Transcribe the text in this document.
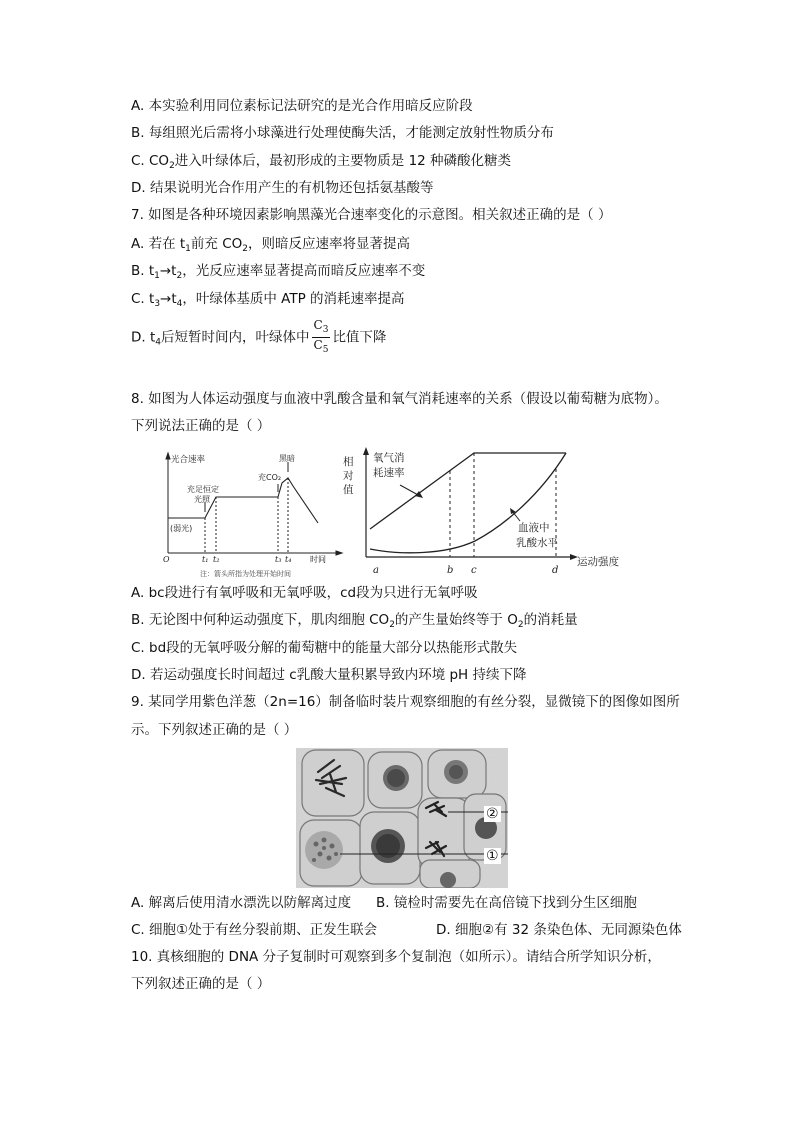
A. 本实验利用同位素标记法研究的是光合作用暗反应阶段
B. 每组照光后需将小球藻进行处理使酶失活，才能测定放射性物质分布
C. $CO_2$进入叶绿体后，最初形成的主要物质是 12 种磷酸化糖类
D. 结果说明光合作用产生的有机物还包括氨基酸等
7. 如图是各种环境因素影响黑藻光合速率变化的示意图。相关叙述正确的是（ ）
A. 若在 $t_1$前充 $CO_2$，则暗反应速率将显著提高
B. $t_1\to t_2$，光反应速率显著提高而暗反应速率不变
C. $t_3\to t_4$，叶绿体基质中 ATP 的消耗速率提高
D. $t_4$后短暂时间内，叶绿体中 $\frac{C_3}{C_5}$ 比值下降
8. 如图为人体运动强度与血液中乳酸含量和氧气消耗速率的关系（假设以葡萄糖为底物）。
下列说法正确的是（ ）
光合速率
(弱光)
充足恒定
光照
充CO₂
黑暗
O	t₁ t₂	t₃ t₄ 时间
注：箭头所指为处理开始时间
相
对
值
氧气消
耗速率
血液中
乳酸水平
运动强度
a	b c	d
A. bc段进行有氧呼吸和无氧呼吸，cd段为只进行无氧呼吸
B. 无论图中何种运动强度下，肌肉细胞 $CO_2$的产生量始终等于 $O_2$的消耗量
C. bd段的无氧呼吸分解的葡萄糖中的能量大部分以热能形式散失
D. 若运动强度长时间超过 c乳酸大量积累导致内环境 pH 持续下降
9. 某同学用紫色洋葱（2n=16）制备临时装片观察细胞的有丝分裂，显微镜下的图像如图所
示。下列叙述正确的是（ ）
②
①
A. 解离后使用清水漂洗以防解离过度 B. 镜检时需要先在高倍镜下找到分生区细胞
C. 细胞①处于有丝分裂前期、正发生联会	D. 细胞②有 32 条染色体、无同源染色体
10. 真核细胞的 DNA 分子复制时可观察到多个复制泡（如所示）。请结合所学知识分析，
下列叙述正确的是（ ）
